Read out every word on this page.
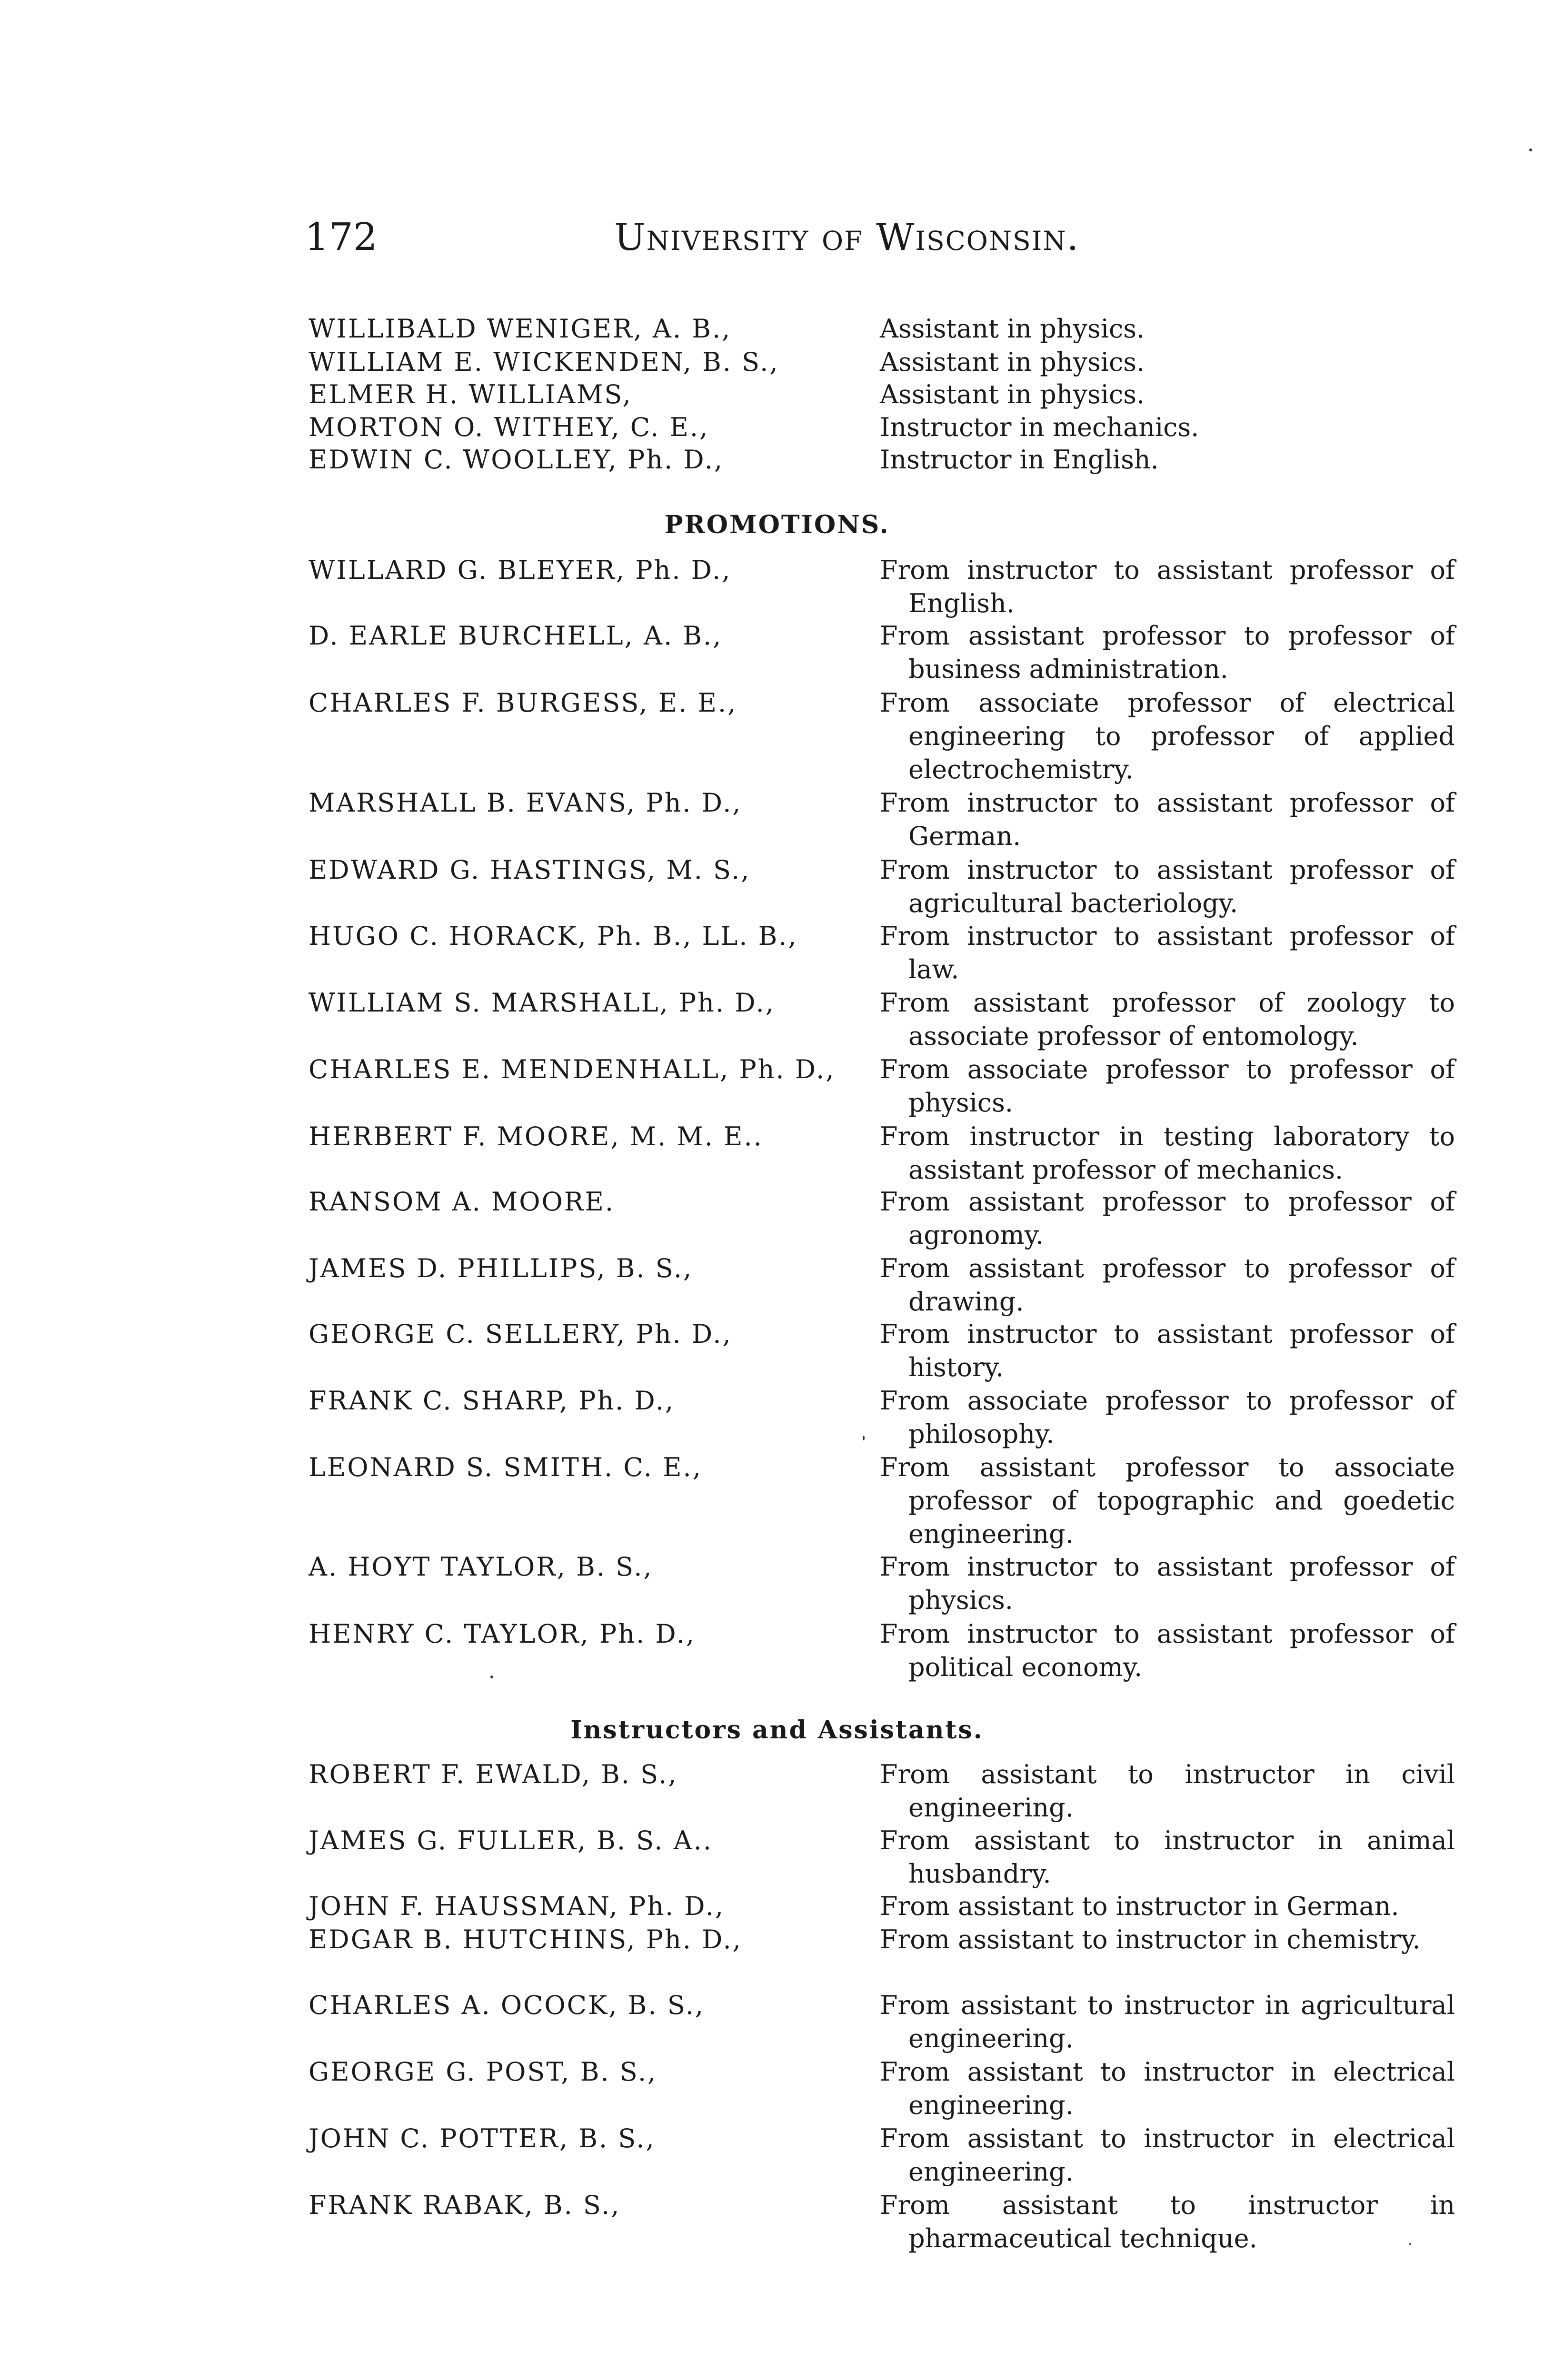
172	University of Wisconsin.
WILLIBALD WENIGER, A. B.,	Assistant in physics.
WILLIAM E. WICKENDEN, B. S.,	Assistant in physics.
ELMER H. WILLIAMS,	Assistant in physics.
MORTON O. WITHEY, C. E.,	Instructor in mechanics.
EDWIN C. WOOLLEY, Ph. D.,	Instructor in English.
PROMOTIONS.
WILLARD G. BLEYER, Ph. D.,	From instructor to assistant professor of English.
D. EARLE BURCHELL, A. B.,	From assistant professor to professor of business administration.
CHARLES F. BURGESS, E. E.,	From associate professor of electrical engineering to professor of applied electrochemistry.
MARSHALL B. EVANS, Ph. D.,	From instructor to assistant professor of German.
EDWARD G. HASTINGS, M. S.,	From instructor to assistant professor of agricultural bacteriology.
HUGO C. HORACK, Ph. B., LL. B.,	From instructor to assistant professor of law.
WILLIAM S. MARSHALL, Ph. D.,	From assistant professor of zoology to associate professor of entomology.
CHARLES E. MENDENHALL, Ph. D., From associate professor to professor of physics.
HERBERT F. MOORE, M. M. E..	From instructor in testing laboratory to assistant professor of mechanics.
RANSOM A. MOORE.	From assistant professor to professor of agronomy.
JAMES D. PHILLIPS, B. S.,	From assistant professor to professor of drawing.
GEORGE C. SELLERY, Ph. D.,	From instructor to assistant professor of history.
FRANK C. SHARP, Ph. D.,	From associate professor to professor of philosophy.
LEONARD S. SMITH. C. E.,	From assistant professor to associate professor of topographic and goedetic engineering.
A. HOYT TAYLOR, B. S.,	From instructor to assistant professor of physics.
HENRY C. TAYLOR, Ph. D.,	From instructor to assistant professor of political economy.
Instructors and Assistants.
ROBERT F. EWALD, B. S.,	From assistant to instructor in civil engineering.
JAMES G. FULLER, B. S. A..	From assistant to instructor in animal husbandry.
JOHN F. HAUSSMAN, Ph. D.,	From assistant to instructor in German.
EDGAR B. HUTCHINS, Ph. D.,	From assistant to instructor in chemistry.
CHARLES A. OCOCK, B. S.,	From assistant to instructor in agricultural engineering.
GEORGE G. POST, B. S.,	From assistant to instructor in electrical engineering.
JOHN C. POTTER, B. S.,	From assistant to instructor in electrical engineering.
FRANK RABAK, B. S.,	From assistant to instructor in pharmaceutical technique.
